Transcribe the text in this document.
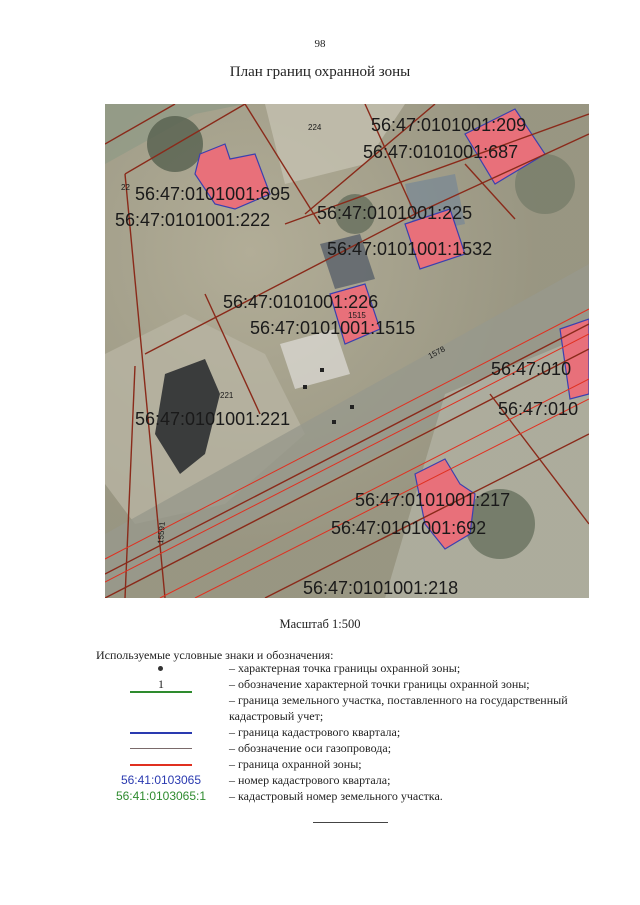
98
План границ охранной зоны
224
22
221
1515
1578
15591
56:47:0101001:209
56:47:0101001:687
56:47:0101001:695
56:47:0101001:222	56:47:0101001:225
56:47:0101001:1532
56:47:0101001:226
56:47:0101001:1515
56:47:010
56:47:010
56:47:0101001:221
56:47:0101001:217
56:47:0101001:692
56:47:0101001:218
Масштаб 1:500
Используемые условные знаки и обозначения:
– характерная точка границы охранной зоны;
1	– обозначение характерной точки границы охранной зоны;
– граница земельного участка, поставленного на государственный кадастровый учет;
– граница кадастрового квартала;
– обозначение оси газопровода;
– граница охранной зоны;
56:41:0103065	– номер кадастрового квартала;
56:41:0103065:1	– кадастровый номер земельного участка.
